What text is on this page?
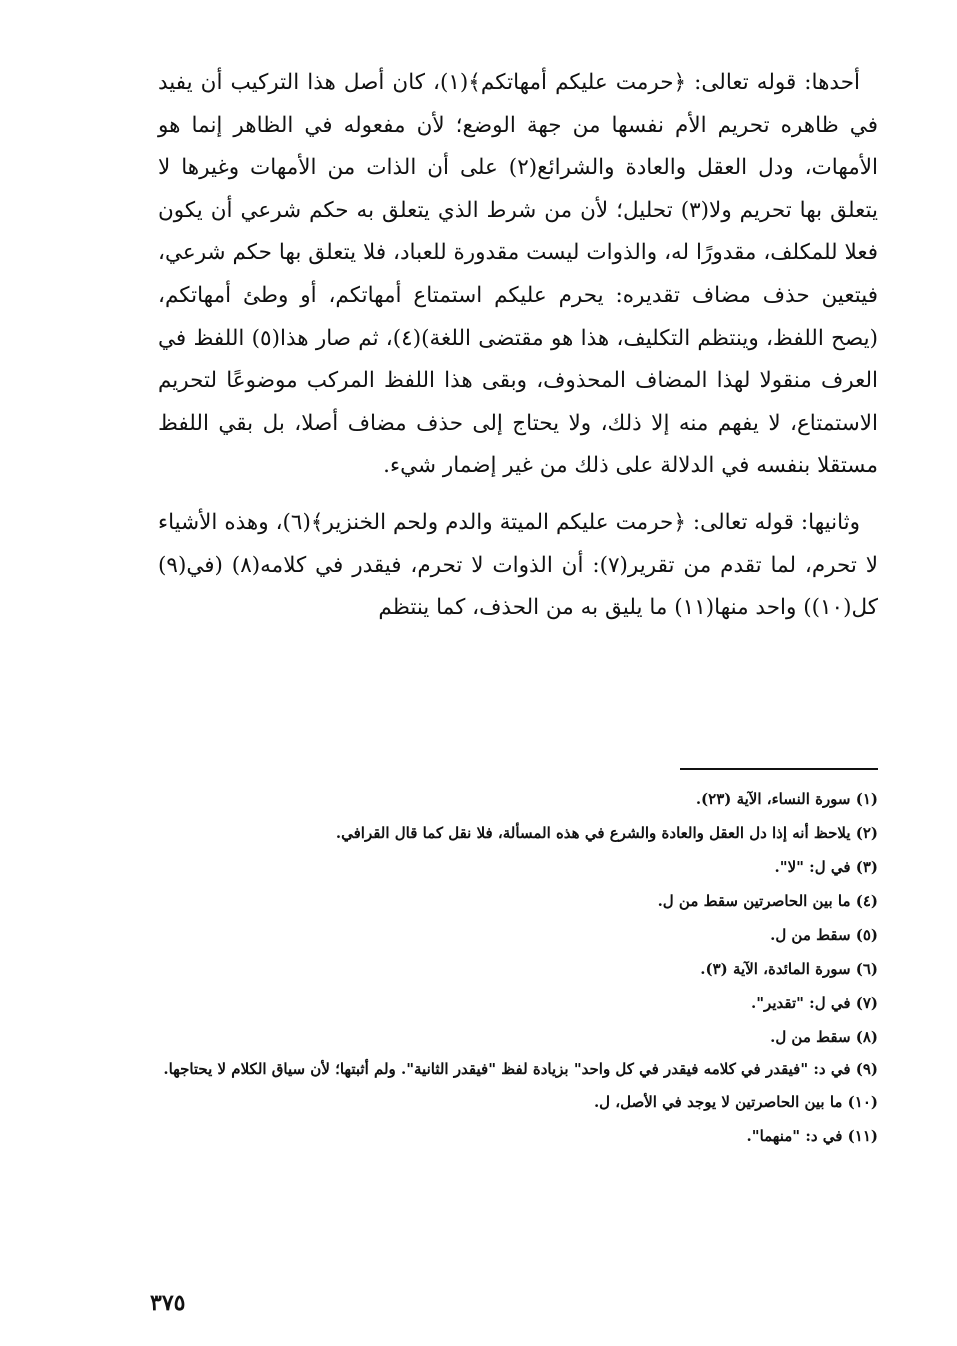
أحدها: قوله تعالى: ﴿حرمت عليكم أمهاتكم﴾(١)، كان أصل هذا التركيب أن يفيد في ظاهره تحريم الأم نفسها من جهة الوضع؛ لأن مفعوله في الظاهر إنما هو الأمهات، ودل العقل والعادة والشرائع(٢) على أن الذات من الأمهات وغيرها لا يتعلق بها تحريم ولا(٣) تحليل؛ لأن من شرط الذي يتعلق به حكم شرعي أن يكون فعلا للمكلف، مقدورًا له، والذوات ليست مقدورة للعباد، فلا يتعلق بها حكم شرعي، فيتعين حذف مضاف تقديره: يحرم عليكم استمتاع أمهاتكم، أو وطئ أمهاتكم، (يصح اللفظ، وينتظم التكليف، هذا هو مقتضى اللغة)(٤)، ثم صار هذا(٥) اللفظ في العرف منقولا لهذا المضاف المحذوف، وبقى هذا اللفظ المركب موضوعًا لتحريم الاستمتاع، لا يفهم منه إلا ذلك، ولا يحتاج إلى حذف مضاف أصلا، بل بقي اللفظ مستقلا بنفسه في الدلالة على ذلك من غير إضمار شيء.

وثانيها: قوله تعالى: ﴿حرمت عليكم الميتة والدم ولحم الخنزير﴾(٦)، وهذه الأشياء لا تحرم، لما تقدم من تقرير(٧): أن الذوات لا تحرم، فيقدر في كلامه(٨) (في(٩) كل(١٠)) واحد منها(١١) ما يليق به من الحذف، كما ينتظم

(١) سورة النساء، الآية (٢٣).

(٢) يلاحظ أنه إذا دل العقل والعادة والشرع في هذه المسألة، فلا نقل كما قال القرافي.

(٣) في ل: "لا".

(٤) ما بين الحاصرتين سقط من ل.

(٥) سقط من ل.

(٦) سورة المائدة، الآية (٣).

(٧) في ل: "تقدير".

(٨) سقط من ل.

(٩) في د: "فيقدر في كلامه فيقدر في كل واحد" بزيادة لفظ "فيقدر الثانية". ولم أثبتها؛ لأن سياق الكلام لا يحتاجها.

(١٠) ما بين الحاصرتين لا يوجد في الأصل، ل.

(١١) في د: "منهما".

٣٧٥
